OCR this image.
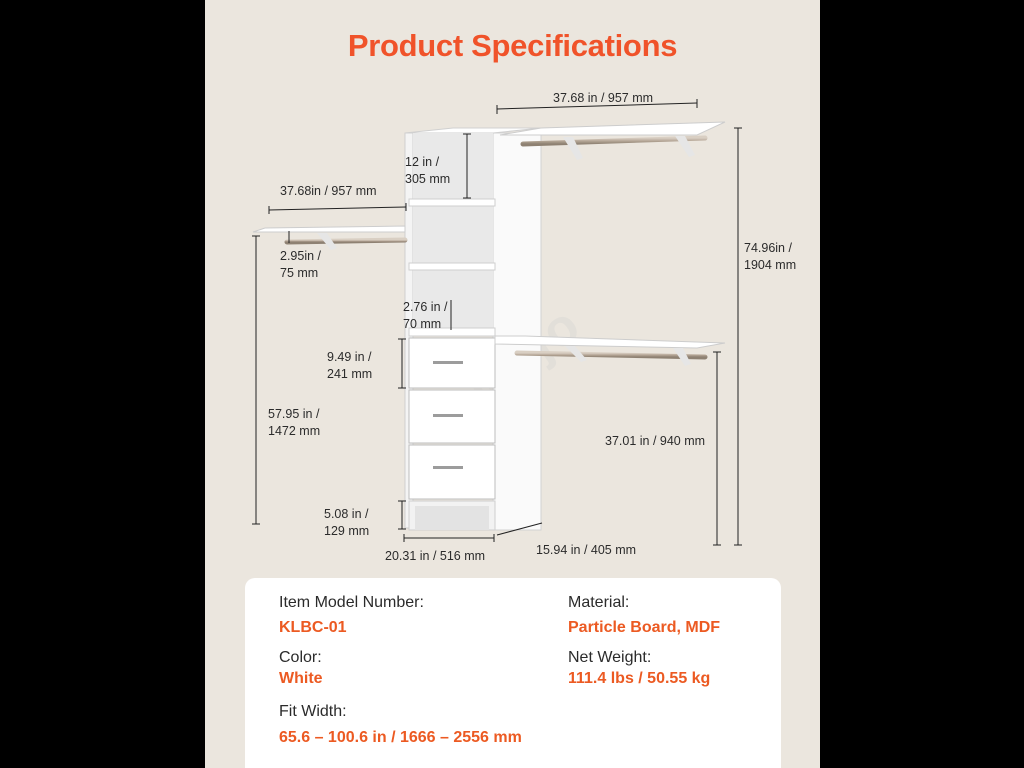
Product Specifications
37.68 in / 957 mm
37.68in / 957 mm
12 in /
305 mm
2.95in /
75 mm
2.76 in /
70 mm
9.49 in /
241 mm
57.95 in /
1472 mm
74.96in /
1904 mm
37.01 in / 940 mm
5.08 in /
129 mm
20.31 in / 516 mm	15.94 in / 405 mm
Item Model Number:
KLBC-01
Material:
Particle Board, MDF
Color:
White
Net Weight:
111.4 lbs / 50.55 kg
Fit Width:
65.6 – 100.6 in / 1666 – 2556 mm
